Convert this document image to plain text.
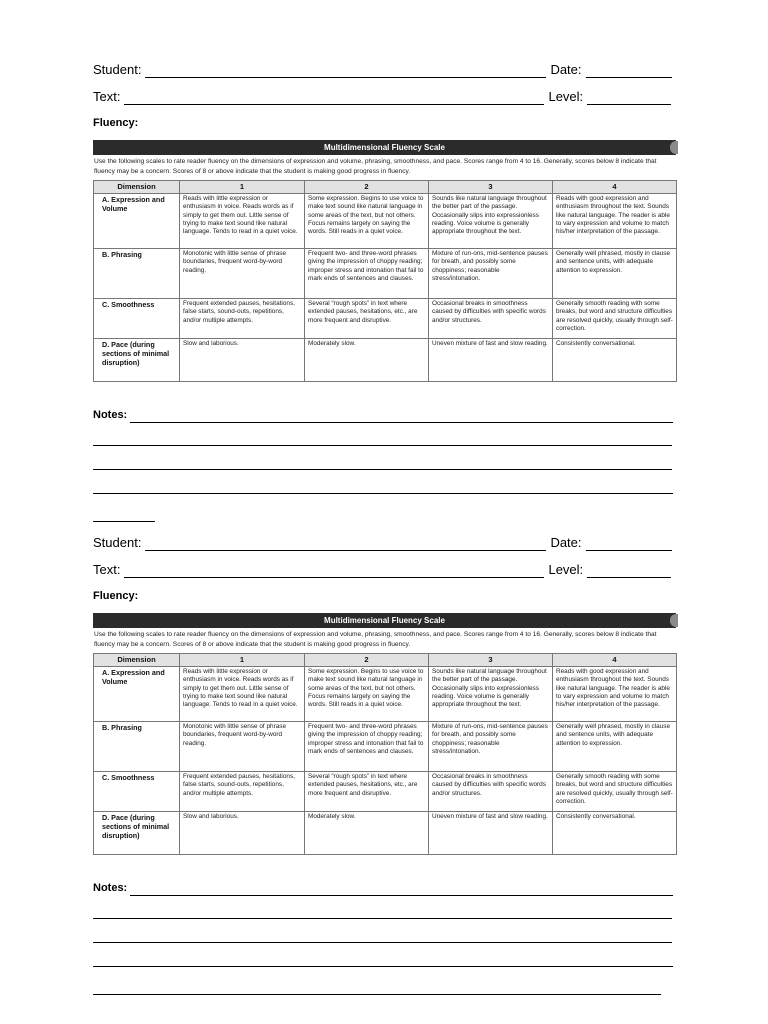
Student:	Date:
Text:	Level:
Fluency:
Multidimensional Fluency Scale
Use the following scales to rate reader fluency on the dimensions of expression and volume, phrasing, smoothness, and pace. Scores range from 4 to 16. Generally, scores below 8 indicate that fluency may be a concern. Scores of 8 or above indicate that the student is making good progress in fluency.
Dimension	1	2	3	4
A. Expression and Volume	Reads with little expression or enthusiasm in voice. Reads words as if simply to get them out. Little sense of trying to make text sound like natural language. Tends to read in a quiet voice.	Some expression. Begins to use voice to make text sound like natural language in some areas of the text, but not others. Focus remains largely on saying the words. Still reads in a quiet voice.	Sounds like natural language throughout the better part of the passage. Occasionally slips into expressionless reading. Voice volume is generally appropriate throughout the text.	Reads with good expression and enthusiasm throughout the text. Sounds like natural language. The reader is able to vary expression and volume to match his/her interpretation of the passage.
B. Phrasing	Monotonic with little sense of phrase boundaries, frequent word-by-word reading.	Frequent two- and three-word phrases giving the impression of choppy reading; improper stress and intonation that fail to mark ends of sentences and clauses.	Mixture of run-ons, mid-sentence pauses for breath, and possibly some choppiness; reasonable stress/intonation.	Generally well phrased, mostly in clause and sentence units, with adequate attention to expression.
C. Smoothness	Frequent extended pauses, hesitations, false starts, sound-outs, repetitions, and/or multiple attempts.	Several “rough spots” in text where extended pauses, hesitations, etc., are more frequent and disruptive.	Occasional breaks in smoothness caused by difficulties with specific words and/or structures.	Generally smooth reading with some breaks, but word and structure difficulties are resolved quickly, usually through self-correction.
D. Pace (during sections of minimal disruption)	Slow and laborious.	Moderately slow.	Uneven mixture of fast and slow reading.	Consistently conversational.
Notes:
Student:	Date:
Text:	Level:
Fluency:
Multidimensional Fluency Scale
Use the following scales to rate reader fluency on the dimensions of expression and volume, phrasing, smoothness, and pace. Scores range from 4 to 16. Generally, scores below 8 indicate that fluency may be a concern. Scores of 8 or above indicate that the student is making good progress in fluency.
Dimension	1	2	3	4
A. Expression and Volume	Reads with little expression or enthusiasm in voice. Reads words as if simply to get them out. Little sense of trying to make text sound like natural language. Tends to read in a quiet voice.	Some expression. Begins to use voice to make text sound like natural language in some areas of the text, but not others. Focus remains largely on saying the words. Still reads in a quiet voice.	Sounds like natural language throughout the better part of the passage. Occasionally slips into expressionless reading. Voice volume is generally appropriate throughout the text.	Reads with good expression and enthusiasm throughout the text. Sounds like natural language. The reader is able to vary expression and volume to match his/her interpretation of the passage.
B. Phrasing	Monotonic with little sense of phrase boundaries, frequent word-by-word reading.	Frequent two- and three-word phrases giving the impression of choppy reading; improper stress and intonation that fail to mark ends of sentences and clauses.	Mixture of run-ons, mid-sentence pauses for breath, and possibly some choppiness; reasonable stress/intonation.	Generally well phrased, mostly in clause and sentence units, with adequate attention to expression.
C. Smoothness	Frequent extended pauses, hesitations, false starts, sound-outs, repetitions, and/or multiple attempts.	Several “rough spots” in text where extended pauses, hesitations, etc., are more frequent and disruptive.	Occasional breaks in smoothness caused by difficulties with specific words and/or structures.	Generally smooth reading with some breaks, but word and structure difficulties are resolved quickly, usually through self-correction.
D. Pace (during sections of minimal disruption)	Slow and laborious.	Moderately slow.	Uneven mixture of fast and slow reading.	Consistently conversational.
Notes:
